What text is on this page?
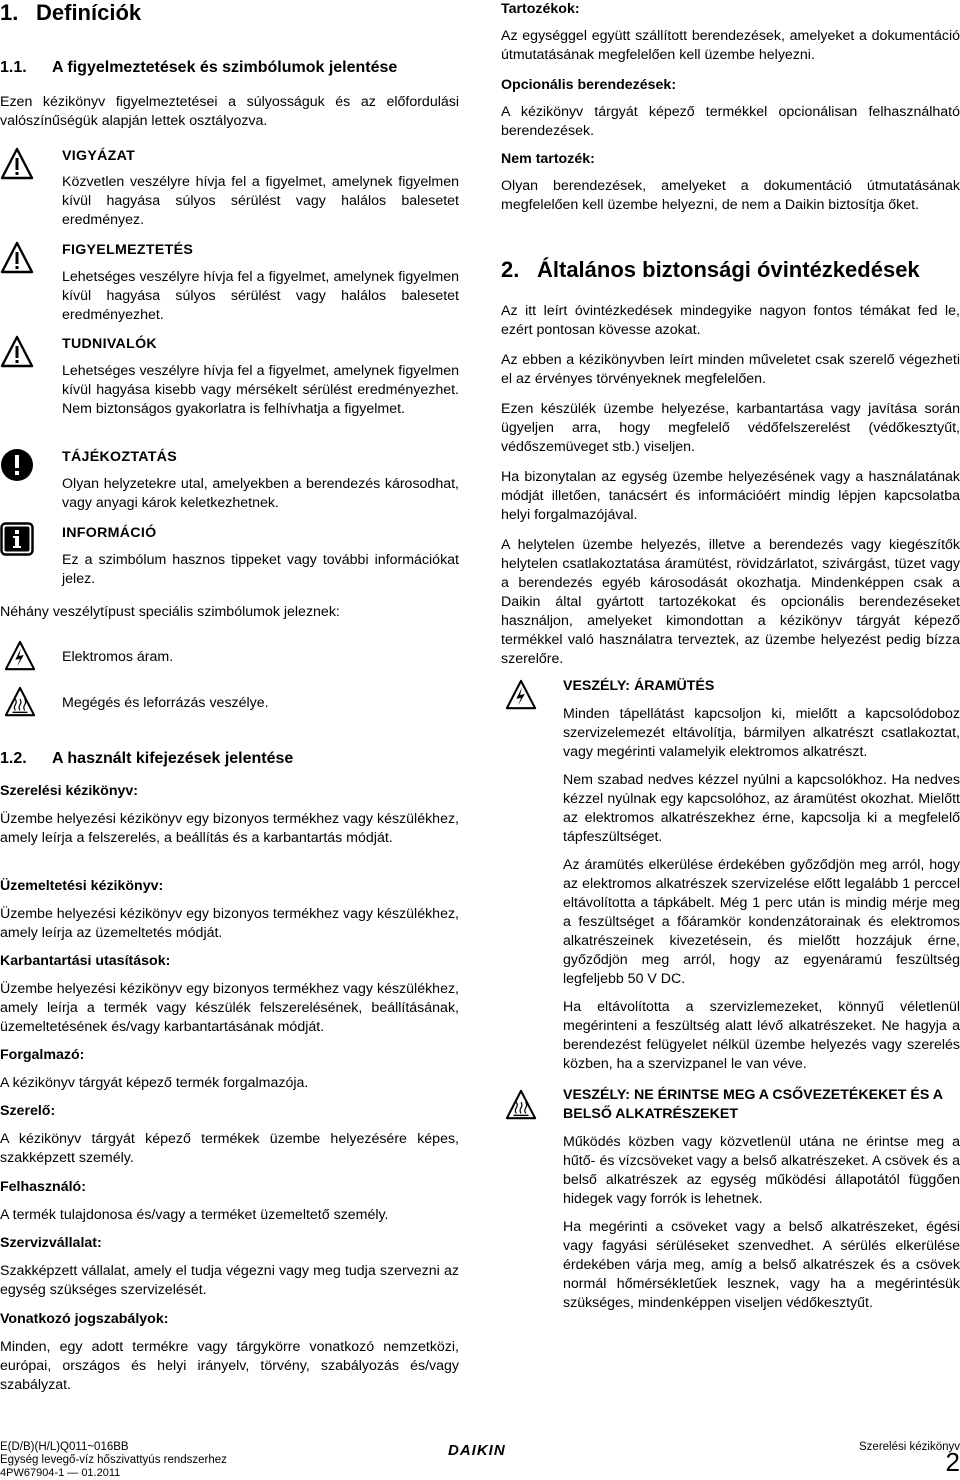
1. Definíciók
1.1. A figyelmeztetések és szimbólumok jelentése

Ezen kézikönyv figyelmeztetései a súlyosságuk és az előfordulási valószínűségük alapján lettek osztályozva.

VIGYÁZAT

Közvetlen veszélyre hívja fel a figyelmet, amelynek figyelmen kívül hagyása súlyos sérülést vagy halálos balesetet eredményez.

FIGYELMEZTETÉS

Lehetséges veszélyre hívja fel a figyelmet, amelynek figyelmen kívül hagyása súlyos sérülést vagy halálos balesetet eredményezhet.

TUDNIVALÓK

Lehetséges veszélyre hívja fel a figyelmet, amelynek figyelmen kívül hagyása kisebb vagy mérsékelt sérülést eredményezhet. Nem biztonságos gyakorlatra is felhívhatja a figyelmet.

TÁJÉKOZTATÁS

Olyan helyzetekre utal, amelyekben a berendezés károsodhat, vagy anyagi károk keletkezhetnek.

INFORMÁCIÓ

Ez a szimbólum hasznos tippeket vagy további információkat jelez.

Néhány veszélytípust speciális szimbólumok jeleznek:

Elektromos áram.
Megégés és leforrázás veszélye.
1.2. A használt kifejezések jelentése
Szerelési kézikönyv:

Üzembe helyezési kézikönyv egy bizonyos termékhez vagy készülékhez, amely leírja a felszerelés, a beállítás és a karbantartás módját.

Üzemeltetési kézikönyv:

Üzembe helyezési kézikönyv egy bizonyos termékhez vagy készülékhez, amely leírja az üzemeltetés módját.

Karbantartási utasítások:

Üzembe helyezési kézikönyv egy bizonyos termékhez vagy készülékhez, amely leírja a termék vagy készülék felszerelésének, beállításának, üzemeltetésének és/vagy karbantartásának módját.

Forgalmazó:

A kézikönyv tárgyát képező termék forgalmazója.

Szerelő:

A kézikönyv tárgyát képező termékek üzembe helyezésére képes, szakképzett személy.

Felhasználó:

A termék tulajdonosa és/vagy a terméket üzemeltető személy.

Szervizvállalat:

Szakképzett vállalat, amely el tudja végezni vagy meg tudja szervezni az egység szükséges szervizelését.

Vonatkozó jogszabályok:

Minden, egy adott termékre vagy tárgykörre vonatkozó nemzetközi, európai, országos és helyi irányelv, törvény, szabályozás és/vagy szabályzat.

Tartozékok:

Az egységgel együtt szállított berendezések, amelyeket a dokumentáció útmutatásának megfelelően kell üzembe helyezni.

Opcionális berendezések:

A kézikönyv tárgyát képező termékkel opcionálisan felhasználható berendezések.

Nem tartozék:

Olyan berendezések, amelyeket a dokumentáció útmutatásának megfelelően kell üzembe helyezni, de nem a Daikin biztosítja őket.

2. Általános biztonsági óvintézkedések

Az itt leírt óvintézkedések mindegyike nagyon fontos témákat fed le, ezért pontosan kövesse azokat.

Az ebben a kézikönyvben leírt minden műveletet csak szerelő végezheti el az érvényes törvényeknek megfelelően.

Ezen készülék üzembe helyezése, karbantartása vagy javítása során ügyeljen arra, hogy megfelelő védőfelszerelést (védőkesztyűt, védőszemüveget stb.) viseljen.

Ha bizonytalan az egység üzembe helyezésének vagy a használatának módját illetően, tanácsért és információért mindig lépjen kapcsolatba helyi forgalmazójával.

A helytelen üzembe helyezés, illetve a berendezés vagy kiegészítők helytelen csatlakoztatása áramütést, rövidzárlatot, szivárgást, tüzet vagy a berendezés egyéb károsodását okozhatja. Mindenképpen csak a Daikin által gyártott tartozékokat és opcionális berendezéseket használjon, amelyeket kimondottan a kézikönyv tárgyát képező termékkel való használatra terveztek, az üzembe helyezést pedig bízza szerelőre.

VESZÉLY: ÁRAMÜTÉS

Minden tápellátást kapcsoljon ki, mielőtt a kapcsolódoboz szervizelemezét eltávolítja, bármilyen alkatrészt csatlakoztat, vagy megérinti valamelyik elektromos alkatrészt.

Nem szabad nedves kézzel nyúlni a kapcsolókhoz. Ha nedves kézzel nyúlnak egy kapcsolóhoz, az áramütést okozhat. Mielőtt az elektromos alkatrészekhez érne, kapcsolja ki a megfelelő tápfeszültséget.

Az áramütés elkerülése érdekében győződjön meg arról, hogy az elektromos alkatrészek szervizelése előtt legalább 1 perccel eltávolította a tápkábelt. Még 1 perc után is mindig mérje meg a feszültséget a főáramkör kondenzátorainak és elektromos alkatrészeinek kivezetésein, és mielőtt hozzájuk érne, győződjön meg arról, hogy az egyenáramú feszültség legfeljebb 50 V DC.

Ha eltávolította a szervizlemezeket, könnyű véletlenül megérinteni a feszültség alatt lévő alkatrészeket. Ne hagyja a berendezést felügyelet nélkül üzembe helyezés vagy szerelés közben, ha a szervizpanel le van véve.

VESZÉLY: NE ÉRINTSE MEG A CSŐVEZETÉKEKET ÉS A BELSŐ ALKATRÉSZEKET

Működés közben vagy közvetlenül utána ne érintse meg a hűtő- és vízcsöveket vagy a belső alkatrészeket. A csövek és a belső alkatrészek az egység működési állapotától függően hidegek vagy forrók is lehetnek.

Ha megérinti a csöveket vagy a belső alkatrészeket, égési vagy fagyási sérüléseket szenvedhet. A sérülés elkerülése érdekében várja meg, amíg a belső alkatrészek és a csövek normál hőmérsékletűek lesznek, vagy ha a megérintésük szükséges, mindenképpen viseljen védőkesztyűt.

E(D/B)(H/L)Q011~016BB
Egység levegő-víz hőszivattyús rendszerhez
4PW67904-1 — 01.2011
DAIKIN	Szerelési kézikönyv
2
